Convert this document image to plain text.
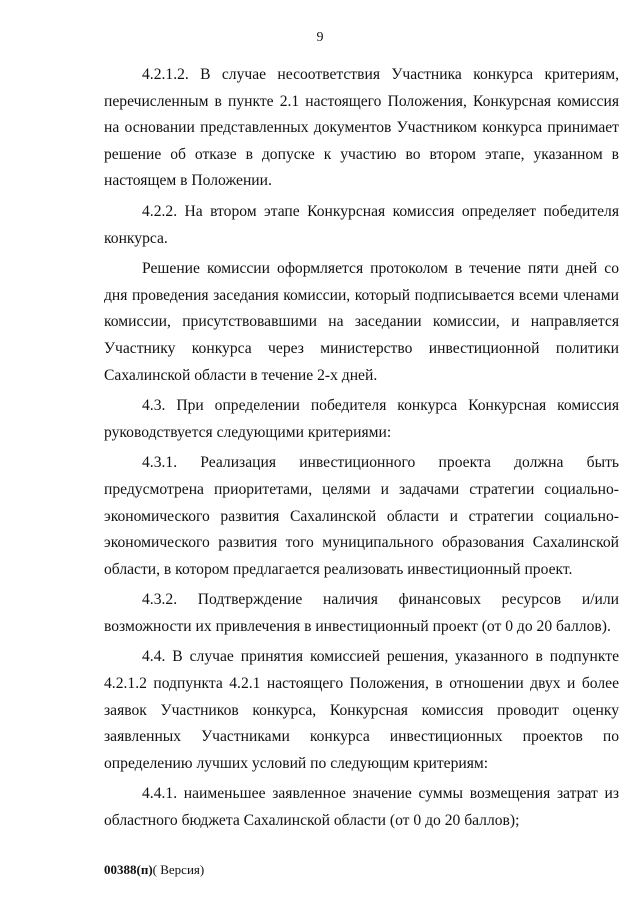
9

4.2.1.2. В случае несоответствия Участника конкурса критериям, перечисленным в пункте 2.1 настоящего Положения, Конкурсная комиссия на основании представленных документов Участником конкурса принимает решение об отказе в допуске к участию во втором этапе, указанном в настоящем в Положении.

4.2.2. На втором этапе Конкурсная комиссия определяет победителя конкурса.

Решение комиссии оформляется протоколом в течение пяти дней со дня проведения заседания комиссии, который подписывается всеми членами комиссии, присутствовавшими на заседании комиссии, и направляется Участнику конкурса через министерство инвестиционной политики Сахалинской области в течение 2-х дней.

4.3. При определении победителя конкурса Конкурсная комиссия руководствуется следующими критериями:

4.3.1. Реализация инвестиционного проекта должна быть предусмотрена приоритетами, целями и задачами стратегии социально-экономического развития Сахалинской области и стратегии социально-экономического развития того муниципального образования Сахалинской области, в котором предлагается реализовать инвестиционный проект.

4.3.2. Подтверждение наличия финансовых ресурсов и/или возможности их привлечения в инвестиционный проект (от 0 до 20 баллов).

4.4. В случае принятия комиссией решения, указанного в подпункте 4.2.1.2 подпункта 4.2.1 настоящего Положения, в отношении двух и более заявок Участников конкурса, Конкурсная комиссия проводит оценку заявленных Участниками конкурса инвестиционных проектов по определению лучших условий по следующим критериям:

4.4.1. наименьшее заявленное значение суммы возмещения затрат из областного бюджета Сахалинской области (от 0 до 20 баллов);

00388(п)( Версия)
